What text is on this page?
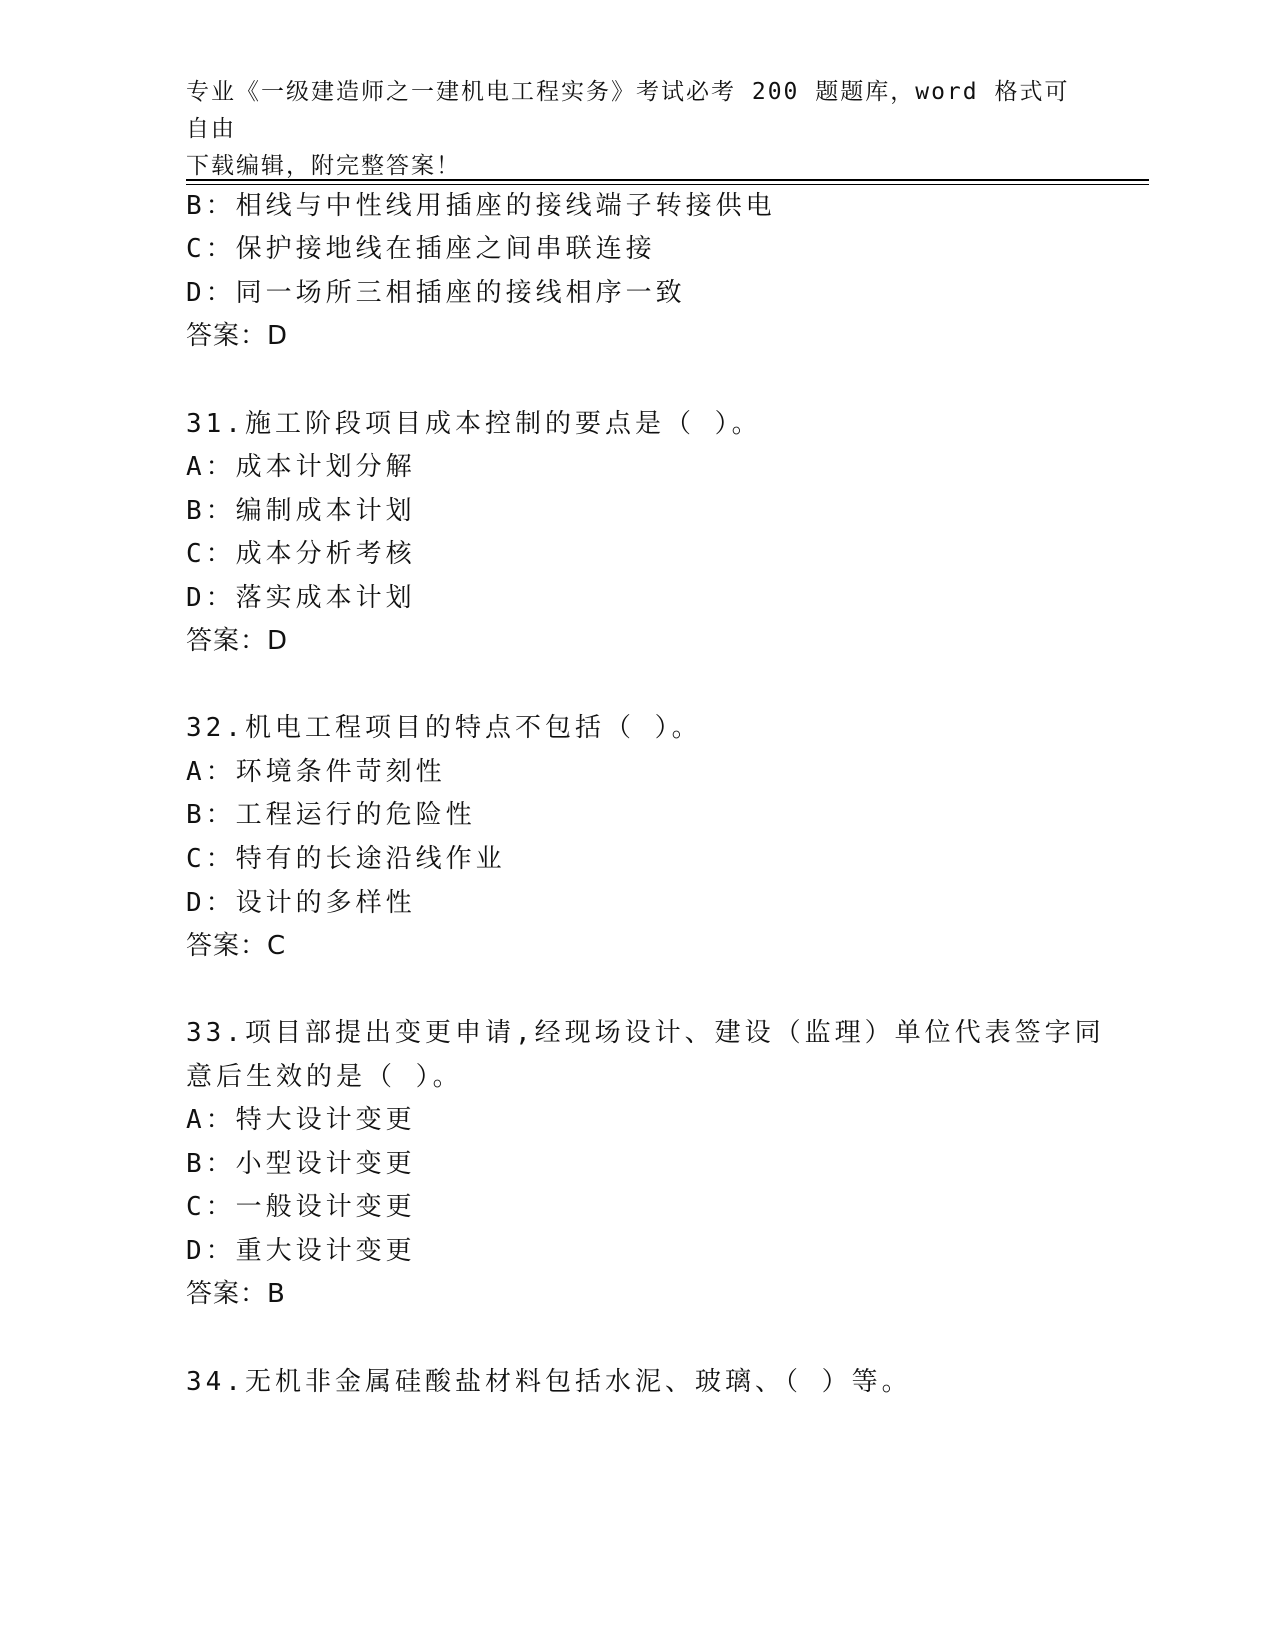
专业《一级建造师之一建机电工程实务》考试必考 200 题题库，word 格式可自由
下载编辑，附完整答案！
B：相线与中性线用插座的接线端子转接供电
C：保护接地线在插座之间串联连接
D：同一场所三相插座的接线相序一致
答案：D
31.施工阶段项目成本控制的要点是（ ）。
A：成本计划分解
B：编制成本计划
C：成本分析考核
D：落实成本计划
答案：D
32.机电工程项目的特点不包括（ ）。
A：环境条件苛刻性
B：工程运行的危险性
C：特有的长途沿线作业
D：设计的多样性
答案：C
33.项目部提出变更申请,经现场设计、建设（监理）单位代表签字同
意后生效的是（ ）。
A：特大设计变更
B：小型设计变更
C：一般设计变更
D：重大设计变更
答案：B
34.无机非金属硅酸盐材料包括水泥、玻璃、（ ）等。
